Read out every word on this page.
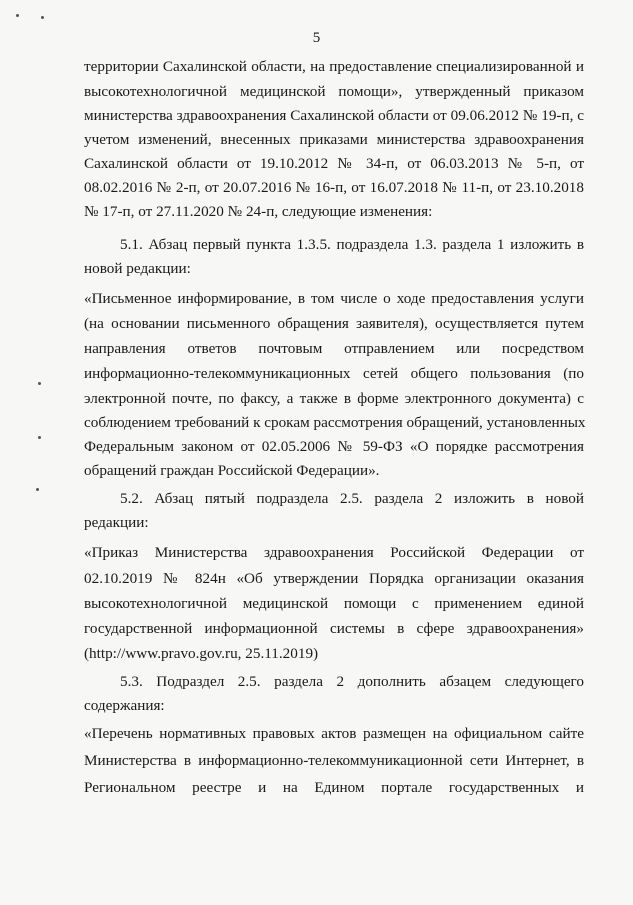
5
территории Сахалинской области, на предоставление специализированной и
высокотехнологичной медицинской помощи», утвержденный приказом
министерства здравоохранения Сахалинской области от 09.06.2012 № 19-п, с
учетом изменений, внесенных приказами министерства здравоохранения
Сахалинской области от 19.10.2012 № 34-п, от 06.03.2013 № 5-п, от
08.02.2016 № 2-п, от 20.07.2016 № 16-п, от 16.07.2018 № 11-п, от 23.10.2018
№ 17-п, от 27.11.2020 № 24-п, следующие изменения:
5.1. Абзац первый пункта 1.3.5. подраздела 1.3. раздела 1 изложить в
новой редакции:
«Письменное информирование, в том числе о ходе предоставления услуги
(на основании письменного обращения заявителя), осуществляется путем
направления ответов почтовым отправлением или посредством
информационно-телекоммуникационных сетей общего пользования (по
электронной почте, по факсу, а также в форме электронного документа) с
соблюдением требований к срокам рассмотрения обращений, установленных
Федеральным законом от 02.05.2006 № 59-ФЗ «О порядке рассмотрения
обращений граждан Российской Федерации».
5.2. Абзац пятый подраздела 2.5. раздела 2 изложить в новой
редакции:
«Приказ Министерства здравоохранения Российской Федерации от
02.10.2019 № 824н «Об утверждении Порядка организации оказания
высокотехнологичной медицинской помощи с применением единой
государственной информационной системы в сфере здравоохранения»
(http://www.pravo.gov.ru, 25.11.2019)
5.3. Подраздел 2.5. раздела 2 дополнить абзацем следующего
содержания:
«Перечень нормативных правовых актов размещен на официальном сайте
Министерства в информационно-телекоммуникационной сети Интернет, в
Региональном реестре и на Едином портале государственных и
